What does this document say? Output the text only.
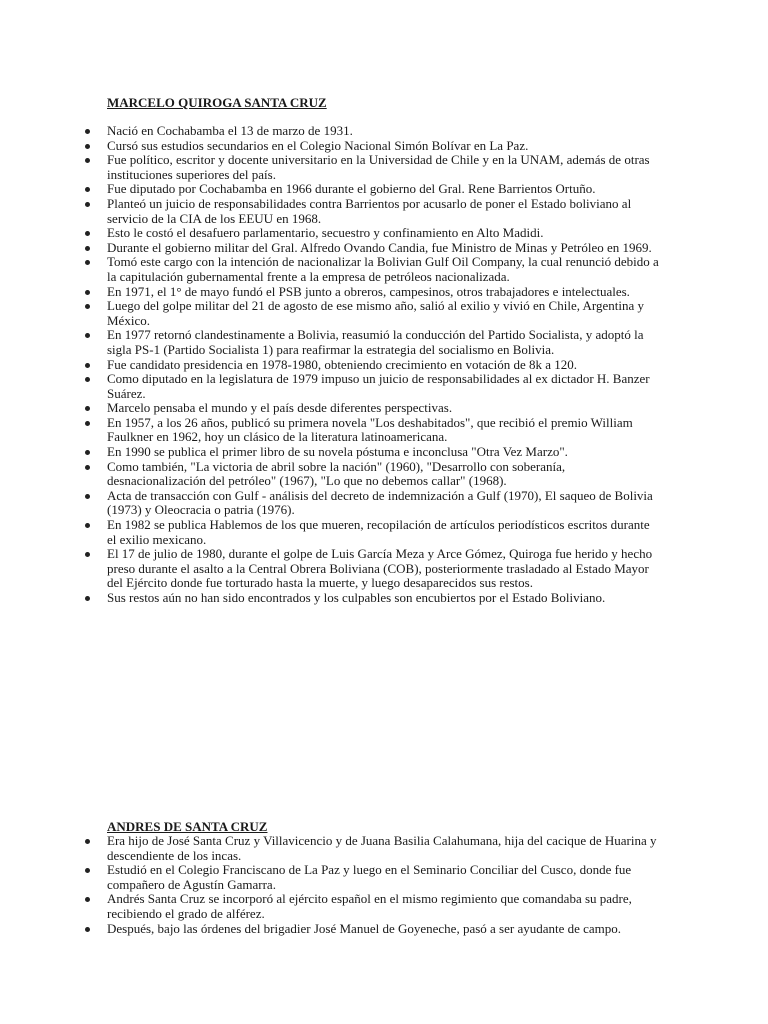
MARCELO QUIROGA SANTA CRUZ
Nació en Cochabamba el 13 de marzo de 1931.
Cursó sus estudios secundarios en el Colegio Nacional Simón Bolívar en La Paz.
Fue político, escritor y docente universitario en la Universidad de Chile y en la UNAM, además de otras instituciones superiores del país.
Fue diputado por Cochabamba en 1966 durante el gobierno del Gral. Rene Barrientos Ortuño.
Planteó un juicio de responsabilidades contra Barrientos por acusarlo de poner el Estado boliviano al servicio de la CIA de los EEUU en 1968.
Esto le costó el desafuero parlamentario, secuestro y confinamiento en Alto Madidi.
Durante el gobierno militar del Gral. Alfredo Ovando Candia, fue Ministro de Minas y Petróleo en 1969.
Tomó este cargo con la intención de nacionalizar la Bolivian Gulf Oil Company, la cual renunció debido a la capitulación gubernamental frente a la empresa de petróleos nacionalizada.
En 1971, el 1° de mayo fundó el PSB junto a obreros, campesinos, otros trabajadores e intelectuales.
Luego del golpe militar del 21 de agosto de ese mismo año, salió al exilio y vivió en Chile, Argentina y México.
En 1977 retornó clandestinamente a Bolivia, reasumió la conducción del Partido Socialista, y adoptó la sigla PS-1 (Partido Socialista 1) para reafirmar la estrategia del socialismo en Bolivia.
Fue candidato presidencia en 1978-1980, obteniendo crecimiento en votación de 8k a 120.
Como diputado en la legislatura de 1979 impuso un juicio de responsabilidades al ex dictador H. Banzer Suárez.
Marcelo pensaba el mundo y el país desde diferentes perspectivas.
En 1957, a los 26 años, publicó su primera novela "Los deshabitados", que recibió el premio William Faulkner en 1962, hoy un clásico de la literatura latinoamericana.
En 1990 se publica el primer libro de su novela póstuma e inconclusa "Otra Vez Marzo".
Como también, "La victoria de abril sobre la nación" (1960), "Desarrollo con soberanía, desnacionalización del petróleo" (1967), "Lo que no debemos callar" (1968).
Acta de transacción con Gulf - análisis del decreto de indemnización a Gulf (1970), El saqueo de Bolivia (1973) y Oleocracia o patria (1976).
En 1982 se publica Hablemos de los que mueren, recopilación de artículos periodísticos escritos durante el exilio mexicano.
El 17 de julio de 1980, durante el golpe de Luis García Meza y Arce Gómez, Quiroga fue herido y hecho preso durante el asalto a la Central Obrera Boliviana (COB), posteriormente trasladado al Estado Mayor del Ejército donde fue torturado hasta la muerte, y luego desaparecidos sus restos.
Sus restos aún no han sido encontrados y los culpables son encubiertos por el Estado Boliviano.
ANDRES DE SANTA CRUZ
Era hijo de José Santa Cruz y Villavicencio y de Juana Basilia Calahumana, hija del cacique de Huarina y descendiente de los incas.
Estudió en el Colegio Franciscano de La Paz y luego en el Seminario Conciliar del Cusco, donde fue compañero de Agustín Gamarra.
Andrés Santa Cruz se incorporó al ejército español en el mismo regimiento que comandaba su padre, recibiendo el grado de alférez.
Después, bajo las órdenes del brigadier José Manuel de Goyeneche, pasó a ser ayudante de campo.
